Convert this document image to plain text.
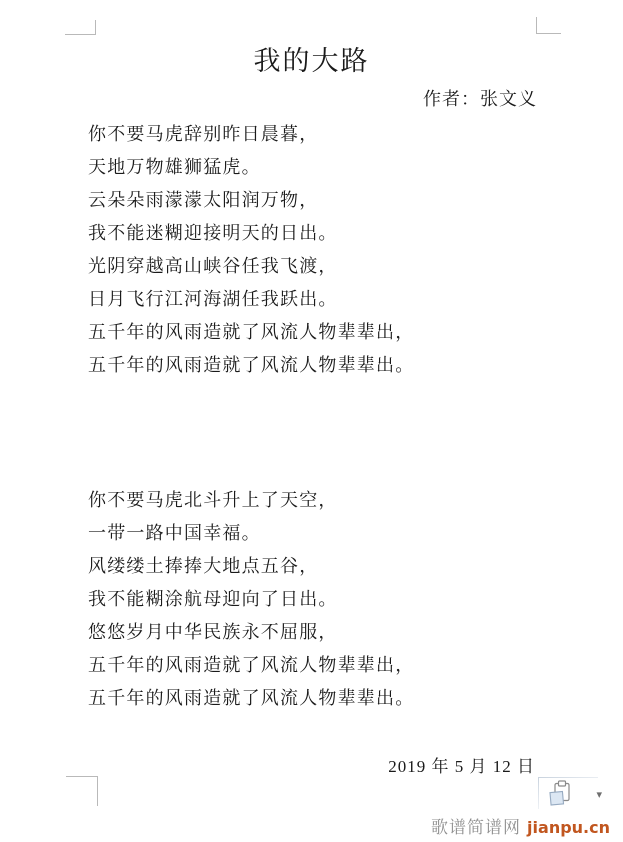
我的大路
作者：张文义
你不要马虎辞别昨日晨暮，
天地万物雄狮猛虎。
云朵朵雨濛濛太阳润万物，
我不能迷糊迎接明天的日出。
光阴穿越高山峡谷任我飞渡，
日月飞行江河海湖任我跃出。
五千年的风雨造就了风流人物辈辈出，
五千年的风雨造就了风流人物辈辈出。
你不要马虎北斗升上了天空，
一带一路中国幸福。
风缕缕土捧捧大地点五谷，
我不能糊涂航母迎向了日出。
悠悠岁月中华民族永不屈服，
五千年的风雨造就了风流人物辈辈出，
五千年的风雨造就了风流人物辈辈出。
2019 年 5 月 12 日
▾
歌谱简谱网 jianpu.cn
